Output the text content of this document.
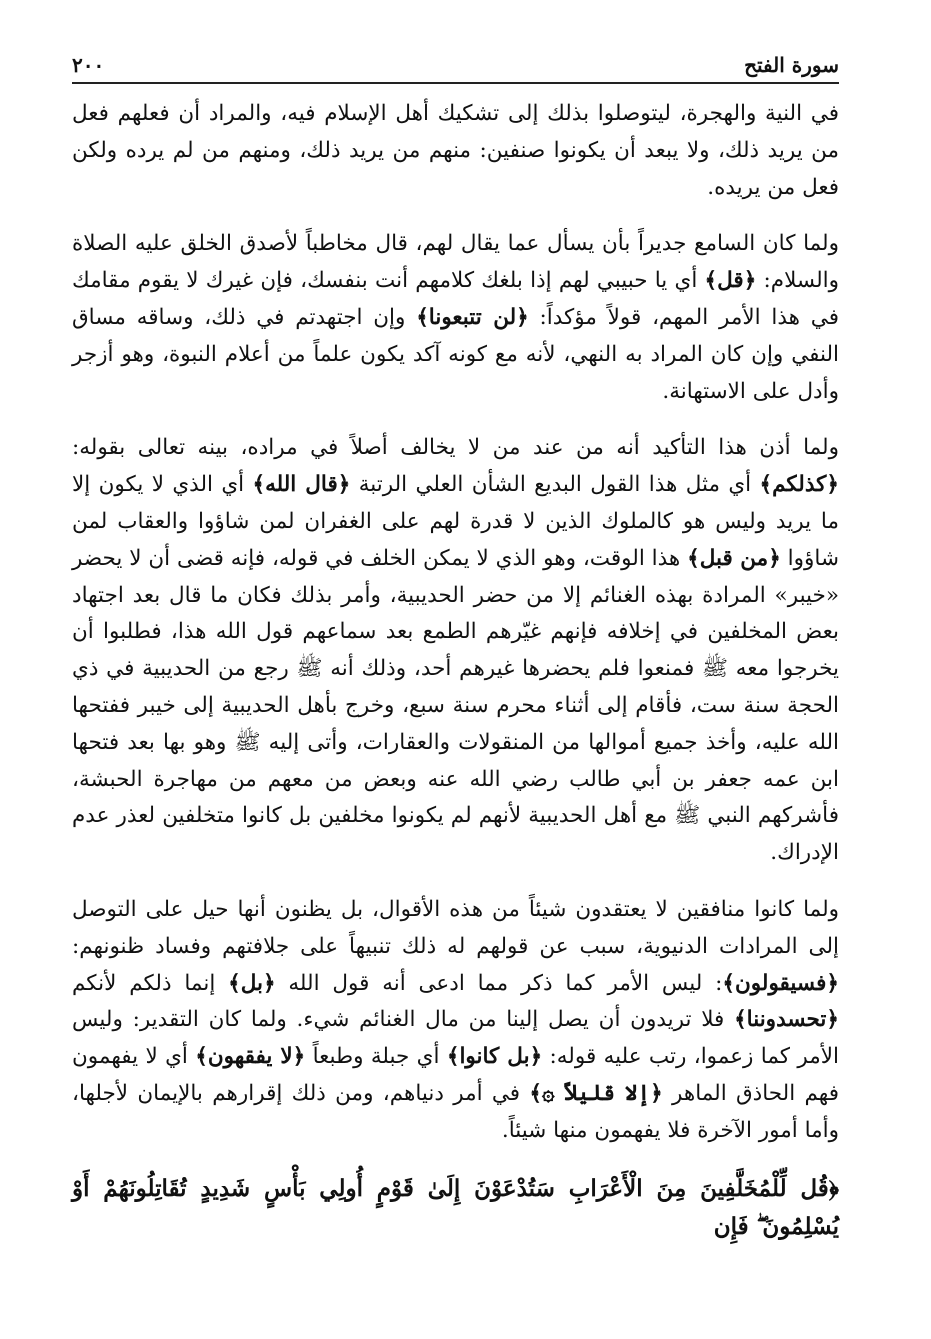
سورة الفتح
٢٠٠

في النية والهجرة، ليتوصلوا بذلك إلى تشكيك أهل الإسلام فيه، والمراد أن فعلهم فعل من يريد ذلك، ولا يبعد أن يكونوا صنفين: منهم من يريد ذلك، ومنهم من لم يرده ولكن فعل من يريده.

ولما كان السامع جديراً بأن يسأل عما يقال لهم، قال مخاطباً لأصدق الخلق عليه الصلاة والسلام: ﴿قل﴾ أي يا حبيبي لهم إذا بلغك كلامهم أنت بنفسك، فإن غيرك لا يقوم مقامك في هذا الأمر المهم، قولاً مؤكداً: ﴿لن تتبعونا﴾ وإن اجتهدتم في ذلك، وساقه مساق النفي وإن كان المراد به النهي، لأنه مع كونه آكد يكون علماً من أعلام النبوة، وهو أزجر وأدل على الاستهانة.

ولما أذن هذا التأكيد أنه من عند من لا يخالف أصلاً في مراده، بينه تعالى بقوله: ﴿كذلكم﴾ أي مثل هذا القول البديع الشأن العلي الرتبة ﴿قال الله﴾ أي الذي لا يكون إلا ما يريد وليس هو كالملوك الذين لا قدرة لهم على الغفران لمن شاؤوا والعقاب لمن شاؤوا ﴿من قبل﴾ هذا الوقت، وهو الذي لا يمكن الخلف في قوله، فإنه قضى أن لا يحضر «خيبر» المرادة بهذه الغنائم إلا من حضر الحديبية، وأمر بذلك فكان ما قال بعد اجتهاد بعض المخلفين في إخلافه فإنهم غيّرهم الطمع بعد سماعهم قول الله هذا، فطلبوا أن يخرجوا معه ﷺ فمنعوا فلم يحضرها غيرهم أحد، وذلك أنه ﷺ رجع من الحديبية في ذي الحجة سنة ست، فأقام إلى أثناء محرم سنة سبع، وخرج بأهل الحديبية إلى خيبر ففتحها الله عليه، وأخذ جميع أموالها من المنقولات والعقارات، وأتى إليه ﷺ وهو بها بعد فتحها ابن عمه جعفر بن أبي طالب رضي الله عنه وبعض من معهم من مهاجرة الحبشة، فأشركهم النبي ﷺ مع أهل الحديبية لأنهم لم يكونوا مخلفين بل كانوا متخلفين لعذر عدم الإدراك.

ولما كانوا منافقين لا يعتقدون شيئاً من هذه الأقوال، بل يظنون أنها حيل على التوصل إلى المرادات الدنيوية، سبب عن قولهم له ذلك تنبيهاً على جلافتهم وفساد ظنونهم: ﴿فسيقولون﴾: ليس الأمر كما ذكر مما ادعى أنه قول الله ﴿بل﴾ إنما ذلكم لأنكم ﴿تحسدوننا﴾ فلا تريدون أن يصل إلينا من مال الغنائم شيء. ولما كان التقدير: وليس الأمر كما زعموا، رتب عليه قوله: ﴿بل كانوا﴾ أي جبلة وطبعاً ﴿لا يفقهون﴾ أي لا يفهمون فهم الحاذق الماهر ﴿إلا قليلاً ۞﴾ في أمر دنياهم، ومن ذلك إقرارهم بالإيمان لأجلها، وأما أمور الآخرة فلا يفهمون منها شيئاً.

﴿قُل لِّلْمُخَلَّفِينَ مِنَ الْأَعْرَابِ سَتُدْعَوْنَ إِلَىٰ قَوْمٍ أُولِي بَأْسٍ شَدِيدٍ تُقَاتِلُونَهُمْ أَوْ يُسْلِمُونَ ۖ فَإِن
